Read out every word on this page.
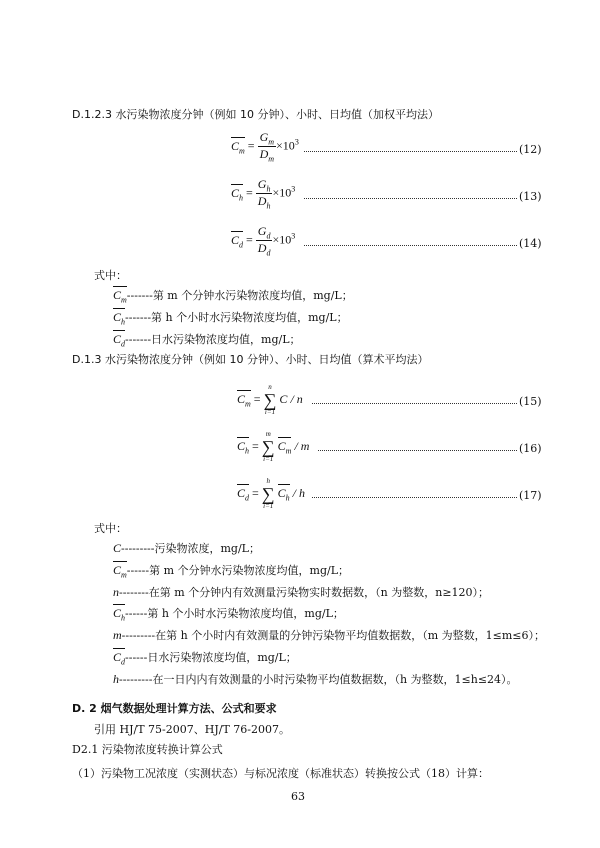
D.1.2.3 水污染物浓度分钟（例如 10 分钟）、小时、日均值（加权平均法）
$C_m = \frac{G_m}{D_m} \times 10^3$
(12)
$C_h = \frac{G_h}{D_h} \times 10^3$
(13)
$C_d = \frac{G_d}{D_d} \times 10^3$
(14)
式中：
$C_m-------$第 m 个分钟水污染物浓度均值，mg/L；
$C_h-------$第 h 个小时水污染物浓度均值，mg/L；
$C_d-------$日水污染物浓度均值，mg/L；
D.1.3 水污染物浓度分钟（例如 10 分钟）、小时、日均值（算术平均法）
$C_m$ =
n
∑
i=1
C / n	(15)
$C_h$ =
m
∑
i=1
$C_m$ / m	(16)
$C_d$ =
h
∑
i=1
$C_h$ / h	(17)
式中：
C---------污染物浓度，mg/L；
$C_m------$第 m 个分钟水污染物浓度均值，mg/L；
n--------在第 m 个分钟内有效测量污染物实时数据数，（n 为整数，n≥120）；
$C_h------$第 h 个小时水污染物浓度均值，mg/L；
m---------在第 h 个小时内有效测量的分钟污染物平均值数据数，（m 为整数，1≤m≤6）；
$C_d------$日水污染物浓度均值，mg/L；
h---------在一日内内有效测量的小时污染物平均值数据数，（h 为整数，1≤h≤24）。
D. 2 烟气数据处理计算方法、公式和要求
引用 HJ/T 75-2007、HJ/T 76-2007。
D2.1 污染物浓度转换计算公式
（1）污染物工况浓度（实测状态）与标况浓度（标准状态）转换按公式（18）计算：
63
